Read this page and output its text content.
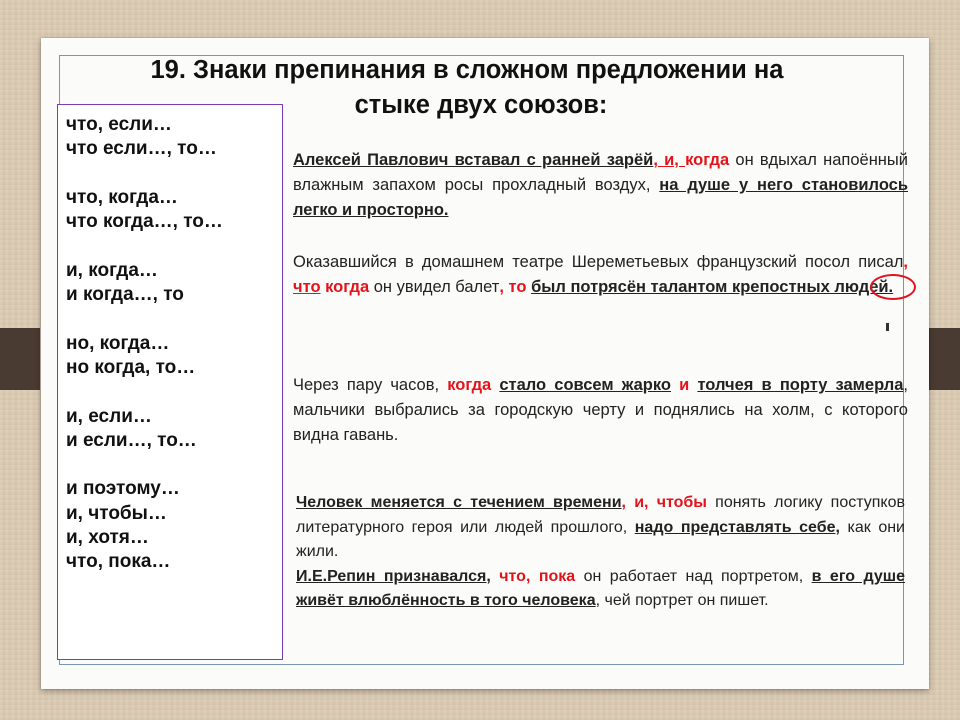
19. Знаки препинания в сложном предложении на
стыке двух союзов:
что, если…
что если…, то…
что, когда…
что когда…, то…
и, когда…
и когда…, то
но, когда…
но когда, то…
и, если…
и если…, то…
и поэтому…
и, чтобы…
и, хотя…
что, пока…
Алексей Павлович вставал с ранней зарёй, и, когда он вдыхал напоённый влажным запахом росы прохладный воздух, на душе у него становилось легко и просторно.
Оказавшийся в домашнем театре Шереметьевых французский посол писал, что когда он увидел балет, то был потрясён талантом крепостных людей.
Через пару часов, когда стало совсем жарко и толчея в порту замерла, мальчики выбрались за городскую черту и поднялись на холм, с которого видна гавань.
Человек меняется с течением времени, и, чтобы понять логику поступков литературного героя или людей прошлого, надо представлять себе, как они жили.
И.Е.Репин признавался, что, пока он работает над портретом, в его душе живёт влюблённость в того человека, чей портрет он пишет.
